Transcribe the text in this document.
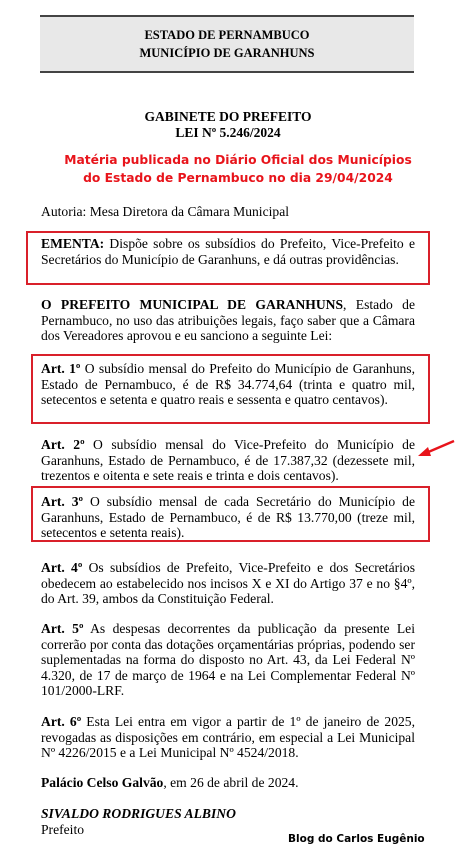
ESTADO DE PERNAMBUCO
MUNICÍPIO DE GARANHUNS
GABINETE DO PREFEITO
LEI Nº 5.246/2024
Matéria publicada no Diário Oficial dos Municípios
do Estado de Pernambuco no dia 29/04/2024

Autoria: Mesa Diretora da Câmara Municipal

EMENTA: Dispõe sobre os subsídios do Prefeito, Vice-Prefeito e Secretários do Município de Garanhuns, e dá outras providências.

O PREFEITO MUNICIPAL DE GARANHUNS, Estado de Pernambuco, no uso das atribuições legais, faço saber que a Câmara dos Vereadores aprovou e eu sanciono a seguinte Lei:

Art. 1º O subsídio mensal do Prefeito do Município de Garanhuns, Estado de Pernambuco, é de R$ 34.774,64 (trinta e quatro mil, setecentos e setenta e quatro reais e sessenta e quatro centavos).

Art. 2º O subsídio mensal do Vice-Prefeito do Município de Garanhuns, Estado de Pernambuco, é de 17.387,32 (dezessete mil, trezentos e oitenta e sete reais e trinta e dois centavos).

Art. 3º O subsídio mensal de cada Secretário do Município de Garanhuns, Estado de Pernambuco, é de R$ 13.770,00 (treze mil, setecentos e setenta reais).

Art. 4º Os subsídios de Prefeito, Vice-Prefeito e dos Secretários obedecem ao estabelecido nos incisos X e XI do Artigo 37 e no §4º, do Art. 39, ambos da Constituição Federal.

Art. 5º As despesas decorrentes da publicação da presente Lei correrão por conta das dotações orçamentárias próprias, podendo ser suplementadas na forma do disposto no Art. 43, da Lei Federal Nº 4.320, de 17 de março de 1964 e na Lei Complementar Federal Nº 101/2000-LRF.

Art. 6º Esta Lei entra em vigor a partir de 1º de janeiro de 2025, revogadas as disposições em contrário, em especial a Lei Municipal Nº 4226/2015 e a Lei Municipal Nº 4524/2018.

Palácio Celso Galvão, em 26 de abril de 2024.

SIVALDO RODRIGUES ALBINO

Prefeito

Blog do Carlos Eugênio
